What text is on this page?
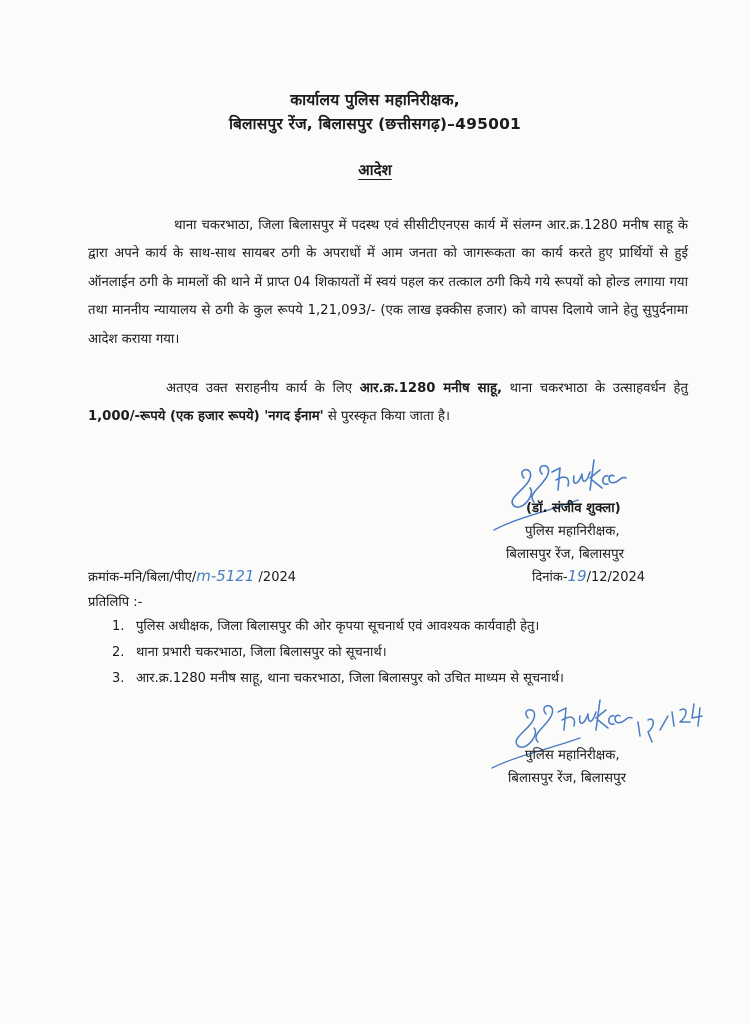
कार्यालय पुलिस महानिरीक्षक,
बिलासपुर रेंज, बिलासपुर (छत्तीसगढ़)–495001
आदेश
थाना चकरभाठा, जिला बिलासपुर में पदस्थ एवं सीसीटीएनएस कार्य में संलग्न आर.क्र.1280 मनीष साहू के द्वारा अपने कार्य के साथ-साथ सायबर ठगी के अपराधों में आम जनता को जागरूकता का कार्य करते हुए प्रार्थियों से हुई ऑनलाईन ठगी के मामलों की थाने में प्राप्त 04 शिकायतों में स्वयं पहल कर तत्काल ठगी किये गये रूपयों को होल्ड लगाया गया तथा माननीय न्यायालय से ठगी के कुल रूपये 1,21,093/- (एक लाख इक्कीस हजार) को वापस दिलाये जाने हेतु सुपुर्दनामा आदेश कराया गया।
अतएव उक्त सराहनीय कार्य के लिए आर.क्र.1280 मनीष साहू, थाना चकरभाठा के उत्साहवर्धन हेतु 1,000/-रूपये (एक हजार रूपये) 'नगद ईनाम' से पुरस्कृत किया जाता है।
(डॉ. संजीव शुक्ला)
पुलिस महानिरीक्षक,
बिलासपुर रेंज, बिलासपुर
क्रमांक-मनि/बिला/पीए/m-5121 /2024	दिनांक-19/12/2024
प्रतिलिपि :-
1. पुलिस अधीक्षक, जिला बिलासपुर की ओर कृपया सूचनार्थ एवं आवश्यक कार्यवाही हेतु।
2. थाना प्रभारी चकरभाठा, जिला बिलासपुर को सूचनार्थ।
3. आर.क्र.1280 मनीष साहू, थाना चकरभाठा, जिला बिलासपुर को उचित माध्यम से सूचनार्थ।
पुलिस महानिरीक्षक,
बिलासपुर रेंज, बिलासपुर
